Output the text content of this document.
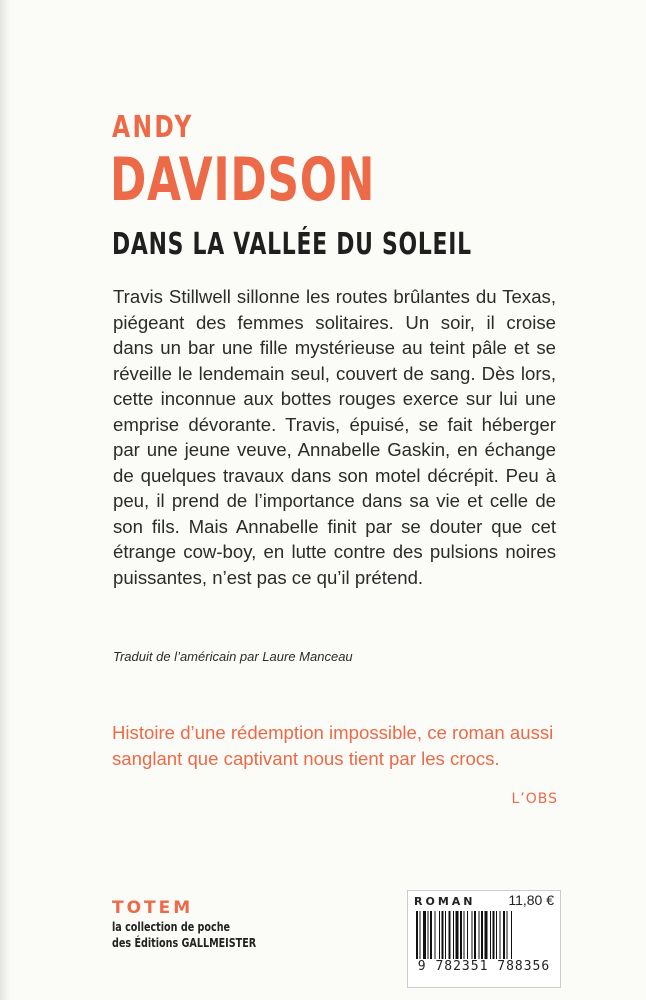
ANDY
DAVIDSON
DANS LA VALLÉE DU SOLEIL

Travis Stillwell sillonne les routes brûlantes du Texas, piégeant des femmes solitaires. Un soir, il croise dans un bar une fille mystérieuse au teint pâle et se réveille le lendemain seul, couvert de sang. Dès lors, cette inconnue aux bottes rouges exerce sur lui une emprise dévorante. Travis, épuisé, se fait héberger par une jeune veuve, Annabelle Gaskin, en échange de quelques travaux dans son motel décrépit. Peu à peu, il prend de l’importance dans sa vie et celle de son fils. Mais Annabelle finit par se douter que cet étrange cow-boy, en lutte contre des pulsions noires puissantes, n’est pas ce qu’il prétend.

Traduit de l’américain par Laure Manceau

Histoire d’une rédemption impossible, ce roman aussi sanglant que captivant nous tient par les crocs.

L’OBS
TOTEM
la collection de poche
des Éditions GALLMEISTER
ROMAN 11,80 €
9 782351 788356
